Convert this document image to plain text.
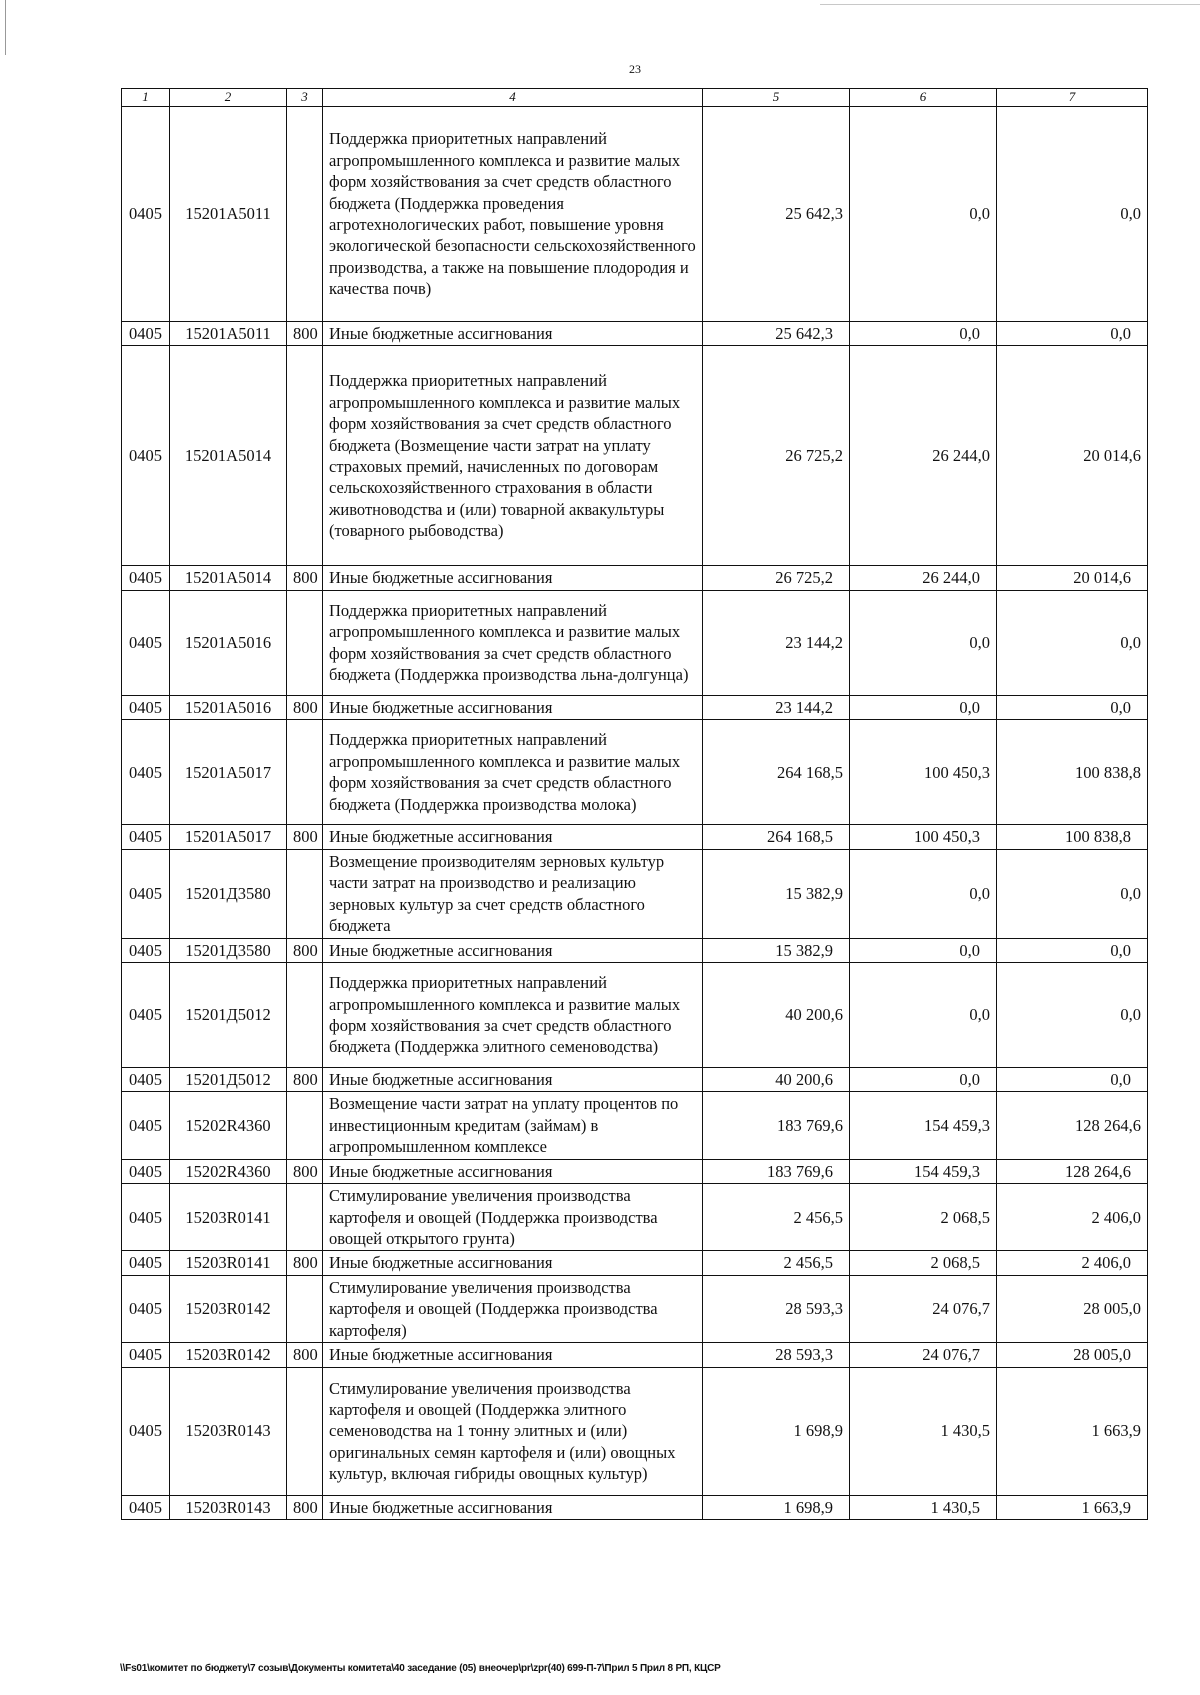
23
1	2	3	4	5	6	7
0405	15201A5011		Поддержка приоритетных направлений агропромышленного комплекса и развитие малых форм хозяйствования за счет средств областного бюджета (Поддержка проведения агротехнологических работ, повышение уровня экологической безопасности сельскохозяйственного производства, а также на повышение плодородия и качества почв)	25 642,3	0,0	0,0
0405	15201A5011	800	Иные бюджетные ассигнования	25 642,3	0,0	0,0
0405	15201A5014		Поддержка приоритетных направлений агропромышленного комплекса и развитие малых форм хозяйствования за счет средств областного бюджета (Возмещение части затрат на уплату страховых премий, начисленных по договорам сельскохозяйственного страхования в области животноводства и (или) товарной аквакультуры (товарного рыбоводства)	26 725,2	26 244,0	20 014,6
0405	15201A5014	800	Иные бюджетные ассигнования	26 725,2	26 244,0	20 014,6
0405	15201A5016		Поддержка приоритетных направлений агропромышленного комплекса и развитие малых форм хозяйствования за счет средств областного бюджета (Поддержка производства льна-долгунца)	23 144,2	0,0	0,0
0405	15201A5016	800	Иные бюджетные ассигнования	23 144,2	0,0	0,0
0405	15201A5017		Поддержка приоритетных направлений агропромышленного комплекса и развитие малых форм хозяйствования за счет средств областного бюджета (Поддержка производства молока)	264 168,5	100 450,3	100 838,8
0405	15201A5017	800	Иные бюджетные ассигнования	264 168,5	100 450,3	100 838,8
0405	15201Д3580		Возмещение производителям зерновых культур части затрат на производство и реализацию зерновых культур за счет средств областного бюджета	15 382,9	0,0	0,0
0405	15201Д3580	800	Иные бюджетные ассигнования	15 382,9	0,0	0,0
0405	15201Д5012		Поддержка приоритетных направлений агропромышленного комплекса и развитие малых форм хозяйствования за счет средств областного бюджета (Поддержка элитного семеноводства)	40 200,6	0,0	0,0
0405	15201Д5012	800	Иные бюджетные ассигнования	40 200,6	0,0	0,0
0405	15202R4360		Возмещение части затрат на уплату процентов по инвестиционным кредитам (займам) в агропромышленном комплексе	183 769,6	154 459,3	128 264,6
0405	15202R4360	800	Иные бюджетные ассигнования	183 769,6	154 459,3	128 264,6
0405	15203R0141		Стимулирование увеличения производства картофеля и овощей (Поддержка производства овощей открытого грунта)	2 456,5	2 068,5	2 406,0
0405	15203R0141	800	Иные бюджетные ассигнования	2 456,5	2 068,5	2 406,0
0405	15203R0142		Стимулирование увеличения производства картофеля и овощей (Поддержка производства картофеля)	28 593,3	24 076,7	28 005,0
0405	15203R0142	800	Иные бюджетные ассигнования	28 593,3	24 076,7	28 005,0
0405	15203R0143		Стимулирование увеличения производства картофеля и овощей (Поддержка элитного семеноводства на 1 тонну элитных и (или) оригинальных семян картофеля и (или) овощных культур, включая гибриды овощных культур)	1 698,9	1 430,5	1 663,9
0405	15203R0143	800	Иные бюджетные ассигнования	1 698,9	1 430,5	1 663,9
\\Fs01\комитет по бюджету\7 созыв\Документы комитета\40 заседание (05) внеочер\pr\zpr(40) 699-П-7\Прил 5 Прил 8 РП, КЦСР
